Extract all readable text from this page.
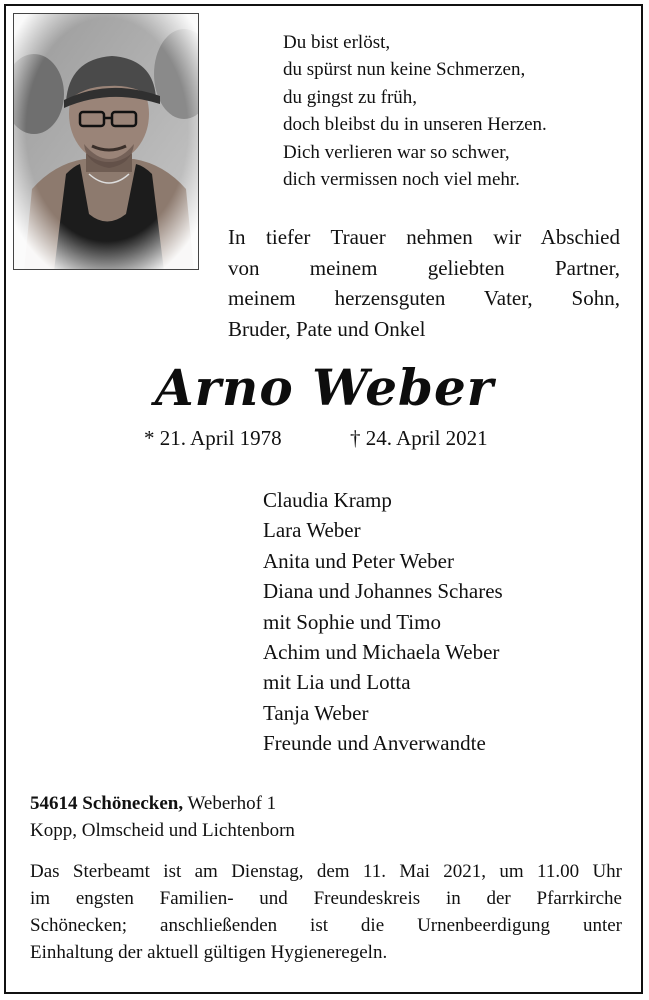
Du bist erlöst,
du spürst nun keine Schmerzen,
du gingst zu früh,
doch bleibst du in unseren Herzen.
Dich verlieren war so schwer,
dich vermissen noch viel mehr.
In tiefer Trauer nehmen wir Abschied
von meinem geliebten Partner,
meinem herzensguten Vater, Sohn,
Bruder, Pate und Onkel
Arno Weber
* 21. April 1978	† 24. April 2021
Claudia Kramp
Lara Weber
Anita und Peter Weber
Diana und Johannes Schares
mit Sophie und Timo
Achim und Michaela Weber
mit Lia und Lotta
Tanja Weber
Freunde und Anverwandte
54614 Schönecken, Weberhof 1
Kopp, Olmscheid und Lichtenborn
Das Sterbeamt ist am Dienstag, dem 11. Mai 2021, um 11.00 Uhr
im engsten Familien- und Freundeskreis in der Pfarrkirche
Schönecken; anschließenden ist die Urnenbeerdigung unter
Einhaltung der aktuell gültigen Hygieneregeln.
